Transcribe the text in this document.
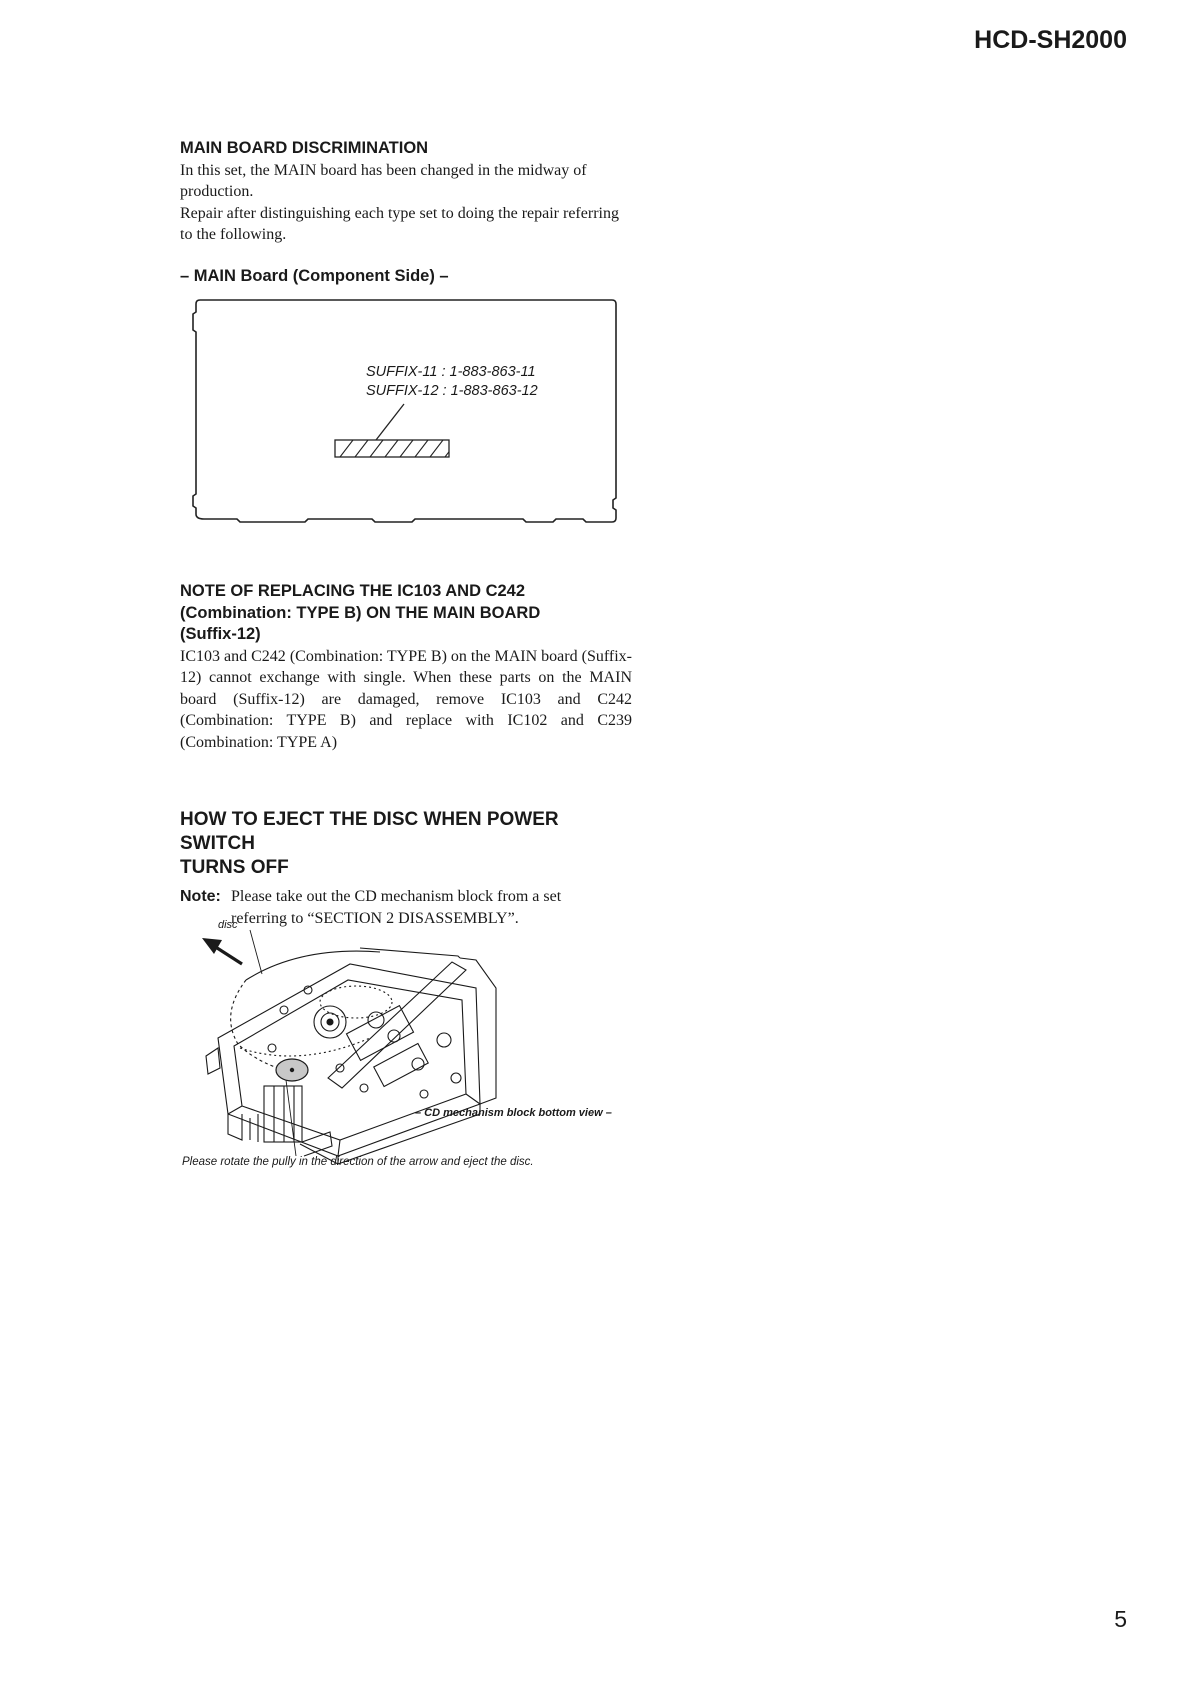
HCD-SH2000

MAIN BOARD DISCRIMINATION

In this set, the MAIN board has been changed in the midway of production.

Repair after distinguishing each type set to doing the repair referring to the following.

– MAIN Board (Component Side) –
SUFFIX-11 : 1-883-863-11
SUFFIX-12 : 1-883-863-12

NOTE OF REPLACING THE IC103 AND C242

(Combination: TYPE B) ON THE MAIN BOARD

(Suffix-12)

IC103 and C242 (Combination: TYPE B) on the MAIN board (Suffix-12) cannot exchange with single. When these parts on the MAIN board (Suffix-12) are damaged, remove IC103 and C242 (Combination: TYPE B) and replace with IC102 and C239 (Combination: TYPE A)

HOW TO EJECT THE DISC WHEN POWER SWITCH

TURNS OFF

Note: Please take out the CD mechanism block from a set
referring to “SECTION 2 DISASSEMBLY”.
disc
– CD mechanism block bottom view –
Please rotate the pully in the direction of the arrow and eject the disc.
5
